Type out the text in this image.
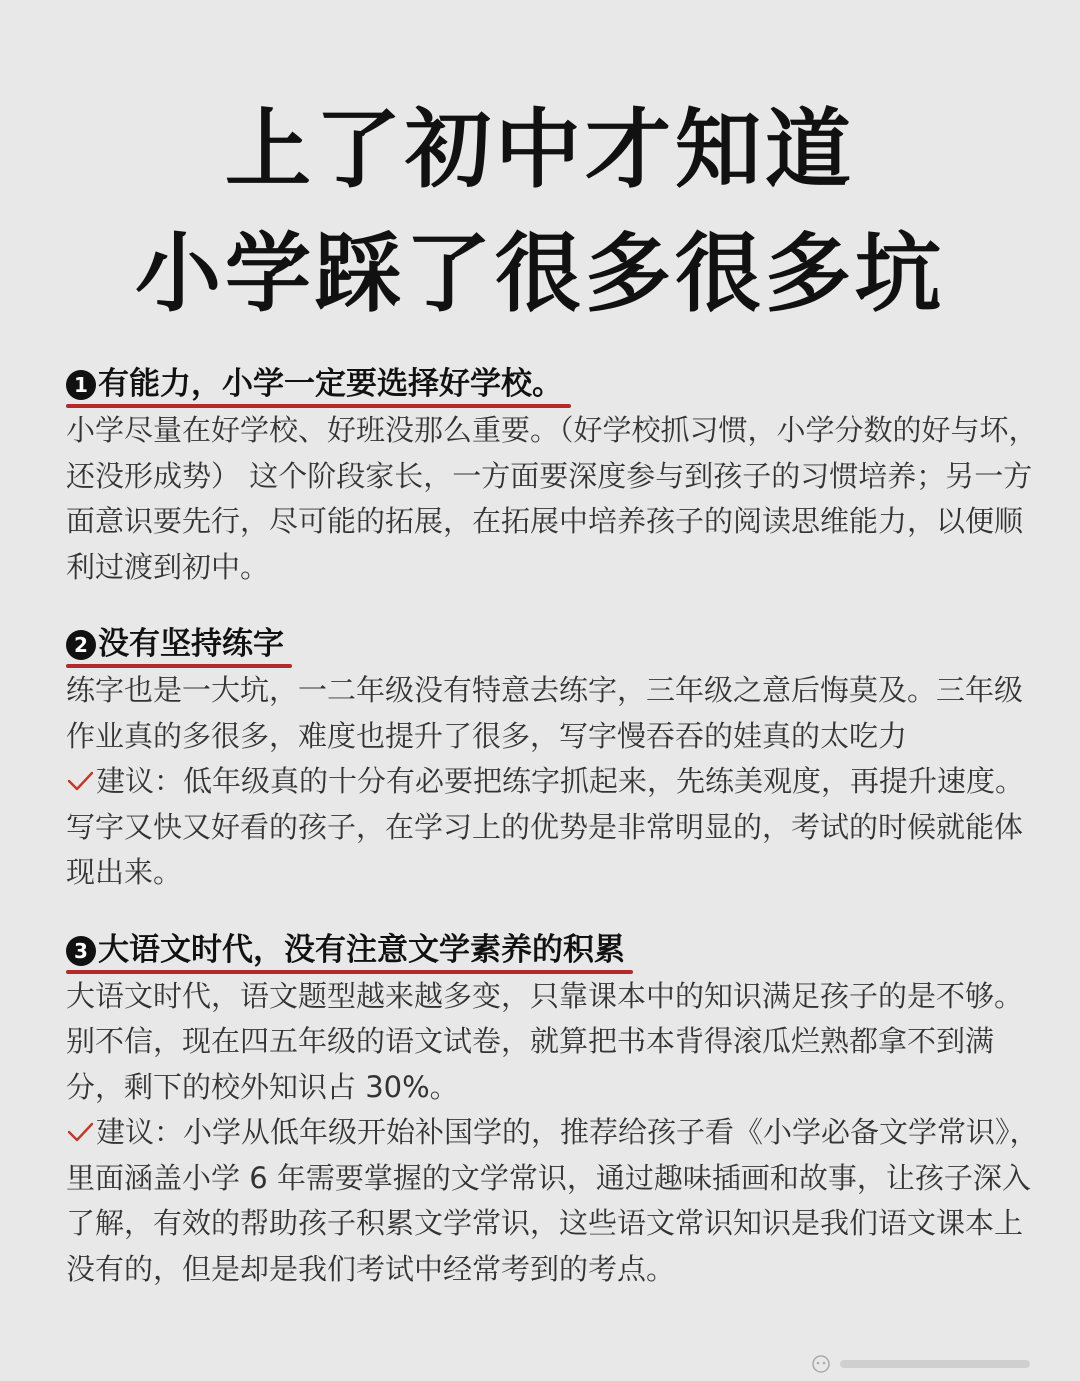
上了初中才知道
小学踩了很多很多坑
1 有能力，小学一定要选择好学校。

小学尽量在好学校、好班没那么重要。（好学校抓习惯，小学分数的好与坏，还没形成势） 这个阶段家长，一方面要深度参与到孩子的习惯培养；另一方面意识要先行，尽可能的拓展，在拓展中培养孩子的阅读思维能力，以便顺利过渡到初中。

2 没有坚持练字

练字也是一大坑，一二年级没有特意去练字，三年级之意后悔莫及。三年级作业真的多很多，难度也提升了很多，写字慢吞吞的娃真的太吃力

建议：低年级真的十分有必要把练字抓起来，先练美观度，再提升速度。写字又快又好看的孩子，在学习上的优势是非常明显的，考试的时候就能体现出来。

3 大语文时代，没有注意文学素养的积累

大语文时代，语文题型越来越多变，只靠课本中的知识满足孩子的是不够。别不信，现在四五年级的语文试卷，就算把书本背得滚瓜烂熟都拿不到满分，剩下的校外知识占 30%。

建议：小学从低年级开始补国学的，推荐给孩子看《小学必备文学常识》，里面涵盖小学 6 年需要掌握的文学常识，通过趣味插画和故事，让孩子深入了解，有效的帮助孩子积累文学常识，这些语文常识知识是我们语文课本上没有的，但是却是我们考试中经常考到的考点。
